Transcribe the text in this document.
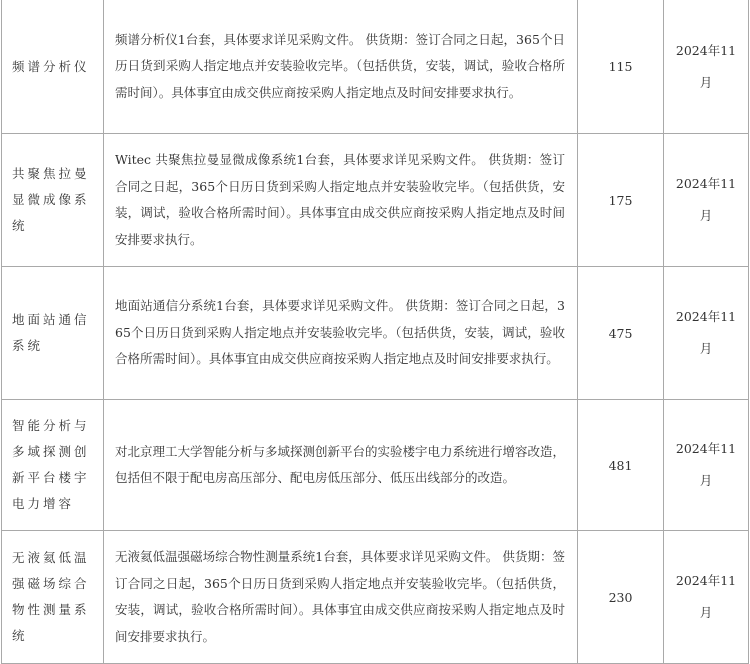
频谱分析仪	频谱分析仪1台套，具体要求详见采购文件。 供货期：签订合同之日起，365个日历日货到采购人指定地点并安装验收完毕。（包括供货，安装，调试，验收合格所需时间）。具体事宜由成交供应商按采购人指定地点及时间安排要求执行。	115	2024年11
月

共聚焦拉曼显微成像系统	Witec 共聚焦拉曼显微成像系统1台套，具体要求详见采购文件。 供货期：签订合同之日起，365个日历日货到采购人指定地点并安装验收完毕。（包括供货，安装，调试，验收合格所需时间）。具体事宜由成交供应商按采购人指定地点及时间安排要求执行。	175	2024年11
月

地面站通信系统	地面站通信分系统1台套，具体要求详见采购文件。 供货期：签订合同之日起，365个日历日货到采购人指定地点并安装验收完毕。（包括供货，安装，调试，验收合格所需时间）。具体事宜由成交供应商按采购人指定地点及时间安排要求执行。	475	2024年11
月

智能分析与多域探测创新平台楼宇电力增容	对北京理工大学智能分析与多域探测创新平台的实验楼宇电力系统进行增容改造，包括但不限于配电房高压部分、配电房低压部分、低压出线部分的改造。	481	2024年11
月

无液氦低温强磁场综合物性测量系统	无液氦低温强磁场综合物性测量系统1台套，具体要求详见采购文件。 供货期：签订合同之日起，365个日历日货到采购人指定地点并安装验收完毕。（包括供货，安装，调试，验收合格所需时间）。具体事宜由成交供应商按采购人指定地点及时间安排要求执行。	230	2024年11
月
